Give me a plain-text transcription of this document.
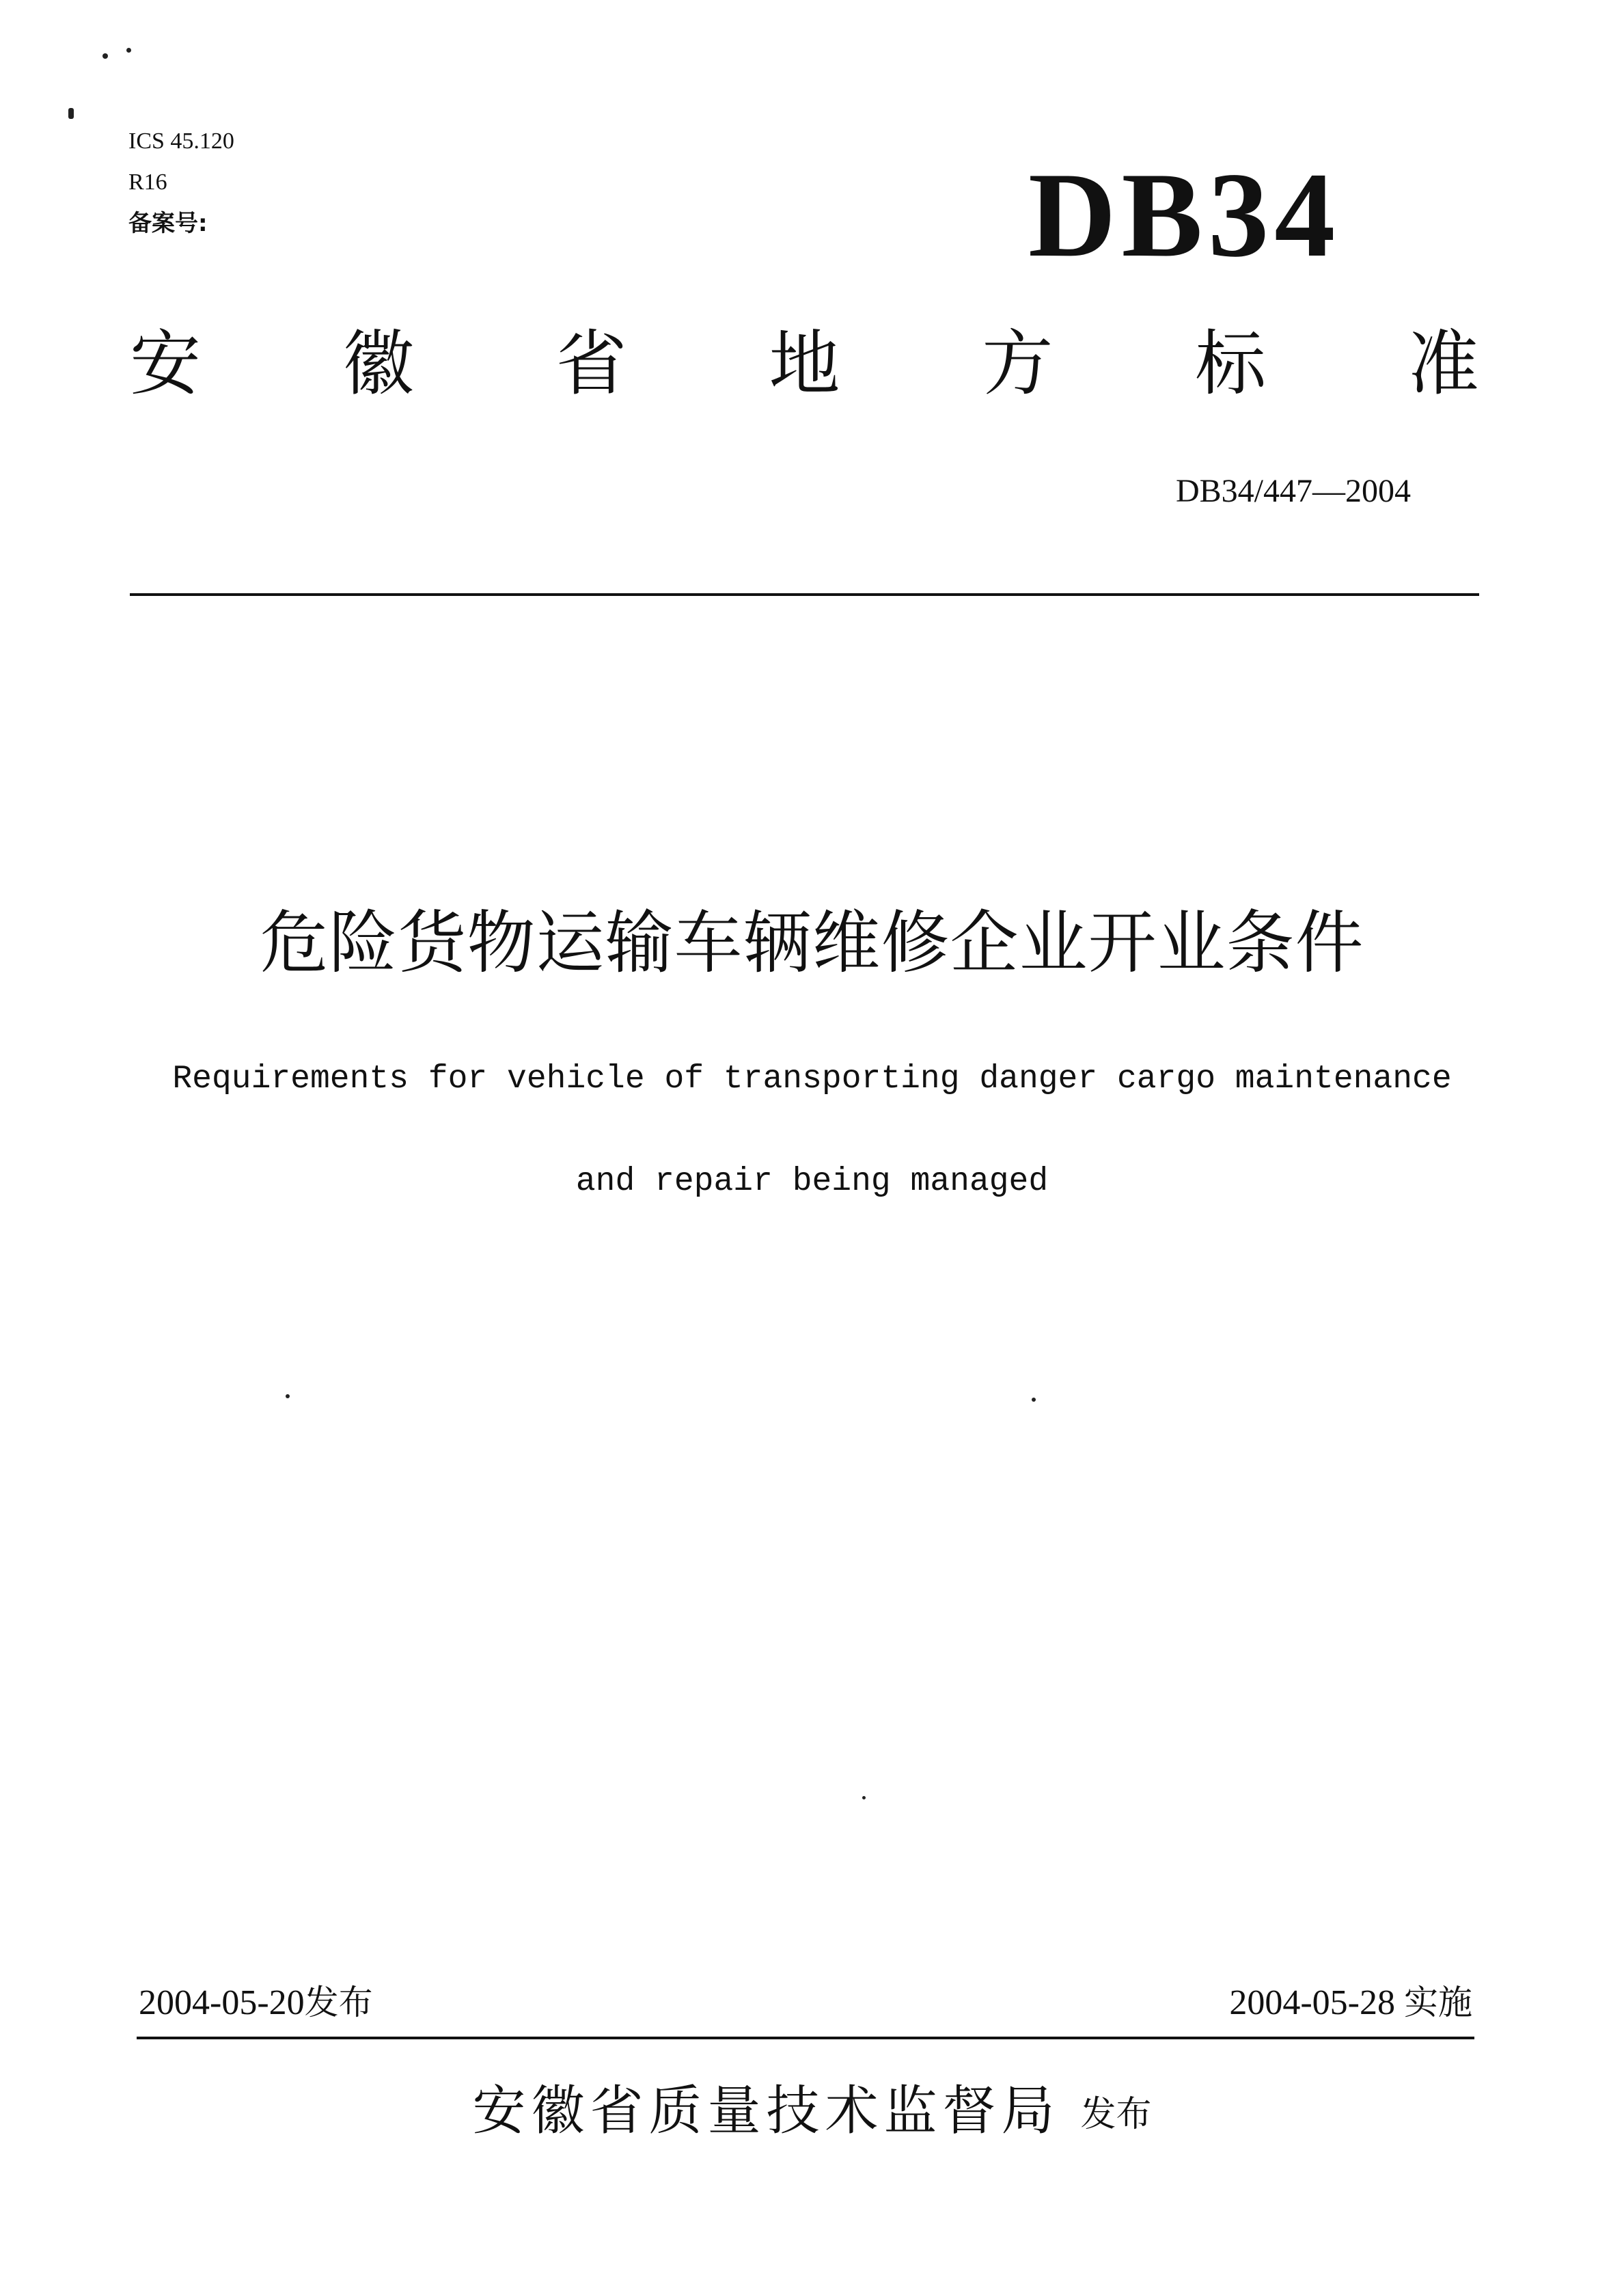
ICS 45.120
R16
备案号:	DB34
安 徽 省 地 方 标 准
DB34/447—2004
危险货物运输车辆维修企业开业条件
Requirements for vehicle of transporting danger cargo maintenance
and repair being managed
2004-05-20发布	2004-05-28 实施
安徽省质量技术监督局 发布
